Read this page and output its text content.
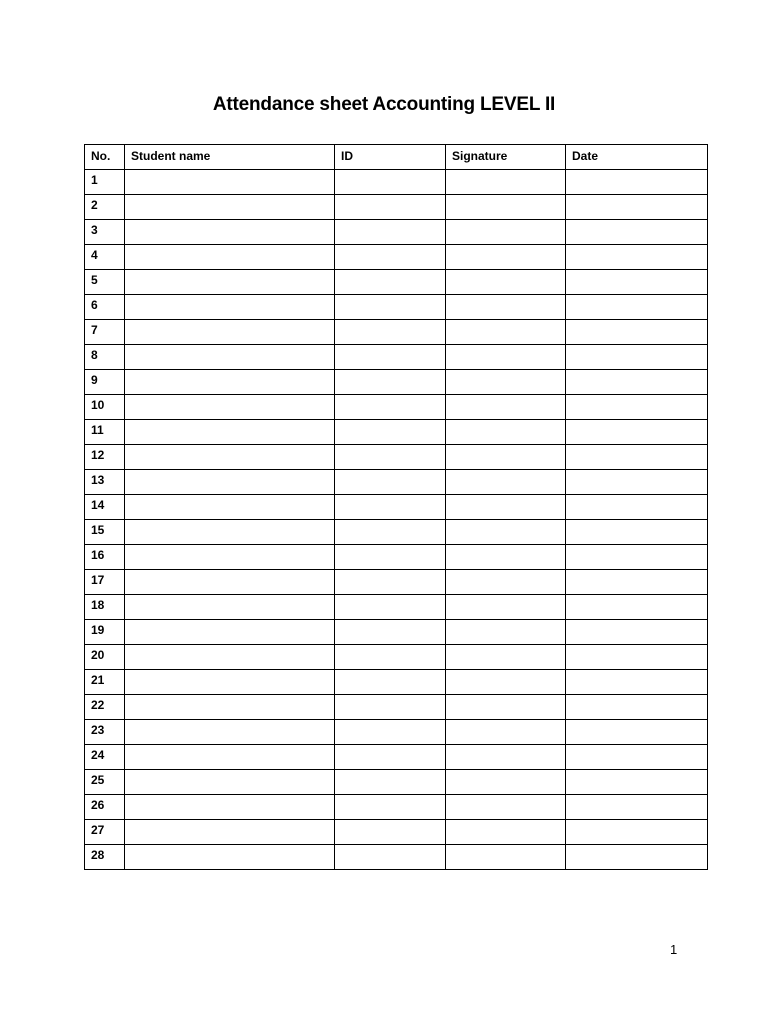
Attendance sheet Accounting LEVEL II
No.	Student name	ID	Signature	Date
1				
2				
3				
4				
5				
6				
7				
8				
9				
10				
11				
12				
13				
14				
15				
16				
17				
18				
19				
20				
21				
22				
23				
24				
25				
26				
27				
28				
1
